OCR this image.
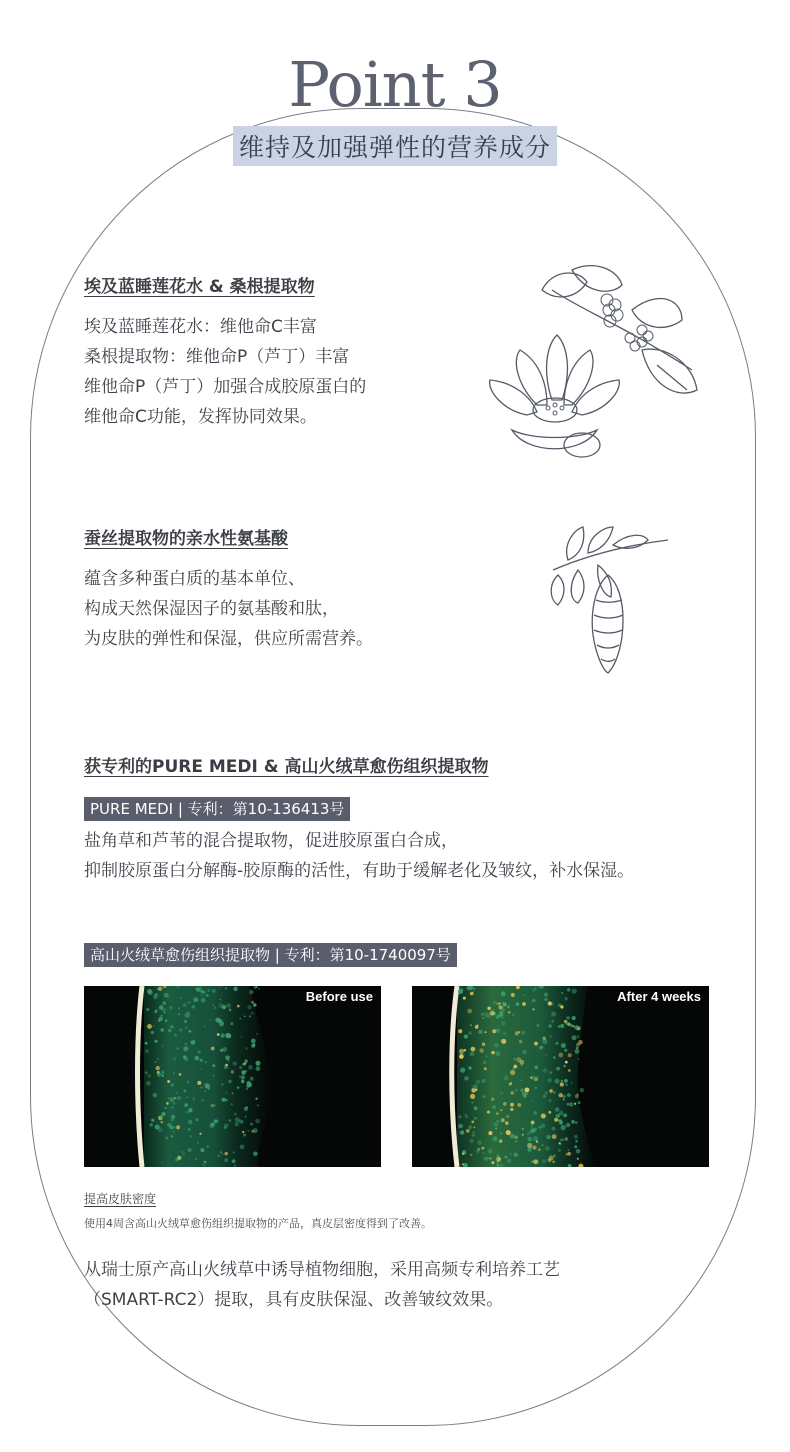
Point 3
维持及加强弹性的营养成分
埃及蓝睡莲花水 & 桑根提取物
埃及蓝睡莲花水：维他命C丰富
桑根提取物：维他命P（芦丁）丰富
维他命P（芦丁）加强合成胶原蛋白的
维他命C功能，发挥协同效果。
蚕丝提取物的亲水性氨基酸
蕴含多种蛋白质的基本单位、
构成天然保湿因子的氨基酸和肽，
为皮肤的弹性和保湿，供应所需营养。
获专利的PURE MEDI & 高山火绒草愈伤组织提取物
PURE MEDI | 专利：第10-136413号
盐角草和芦苇的混合提取物，促进胶原蛋白合成，
抑制胶原蛋白分解酶-胶原酶的活性，有助于缓解老化及皱纹，补水保湿。
高山火绒草愈伤组织提取物 | 专利：第10-1740097号
Before use	After 4 weeks
提高皮肤密度
使用4周含高山火绒草愈伤组织提取物的产品，真皮层密度得到了改善。
从瑞士原产高山火绒草中诱导植物细胞，采用高频专利培养工艺
（SMART-RC2）提取，具有皮肤保湿、改善皱纹效果。
